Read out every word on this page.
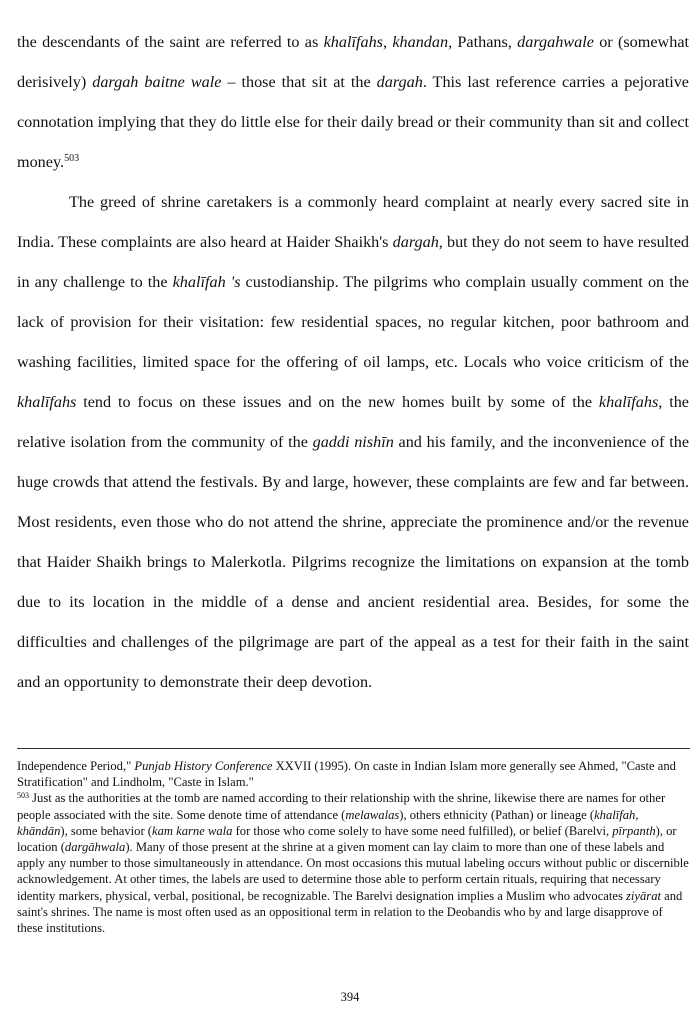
the descendants of the saint are referred to as khalīfahs, khandan, Pathans, dargahwale or (somewhat derisively) dargah baitne wale – those that sit at the dargah. This last reference carries a pejorative connotation implying that they do little else for their daily bread or their community than sit and collect money.$^{503}$

The greed of shrine caretakers is a commonly heard complaint at nearly every sacred site in India. These complaints are also heard at Haider Shaikh's dargah, but they do not seem to have resulted in any challenge to the khalīfah 's custodianship. The pilgrims who complain usually comment on the lack of provision for their visitation: few residential spaces, no regular kitchen, poor bathroom and washing facilities, limited space for the offering of oil lamps, etc. Locals who voice criticism of the khalīfahs tend to focus on these issues and on the new homes built by some of the khalīfahs, the relative isolation from the community of the gaddi nishīn and his family, and the inconvenience of the huge crowds that attend the festivals. By and large, however, these complaints are few and far between. Most residents, even those who do not attend the shrine, appreciate the prominence and/or the revenue that Haider Shaikh brings to Malerkotla. Pilgrims recognize the limitations on expansion at the tomb due to its location in the middle of a dense and ancient residential area. Besides, for some the difficulties and challenges of the pilgrimage are part of the appeal as a test for their faith in the saint and an opportunity to demonstrate their deep devotion.

Independence Period," Punjab History Conference XXVII (1995). On caste in Indian Islam more generally see Ahmed, "Caste and Stratification" and Lindholm, "Caste in Islam."

$^{503}$ Just as the authorities at the tomb are named according to their relationship with the shrine, likewise there are names for other people associated with the site. Some denote time of attendance (melawalas), others ethnicity (Pathan) or lineage (khalīfah, khāndān), some behavior (kam karne wala for those who come solely to have some need fulfilled), or belief (Barelvi, pīrpanth), or location (dargāhwala). Many of those present at the shrine at a given moment can lay claim to more than one of these labels and apply any number to those simultaneously in attendance. On most occasions this mutual labeling occurs without public or discernible acknowledgement. At other times, the labels are used to determine those able to perform certain rituals, requiring that necessary identity markers, physical, verbal, positional, be recognizable. The Barelvi designation implies a Muslim who advocates ziyārat and saint's shrines. The name is most often used as an oppositional term in relation to the Deobandis who by and large disapprove of these institutions.

394
